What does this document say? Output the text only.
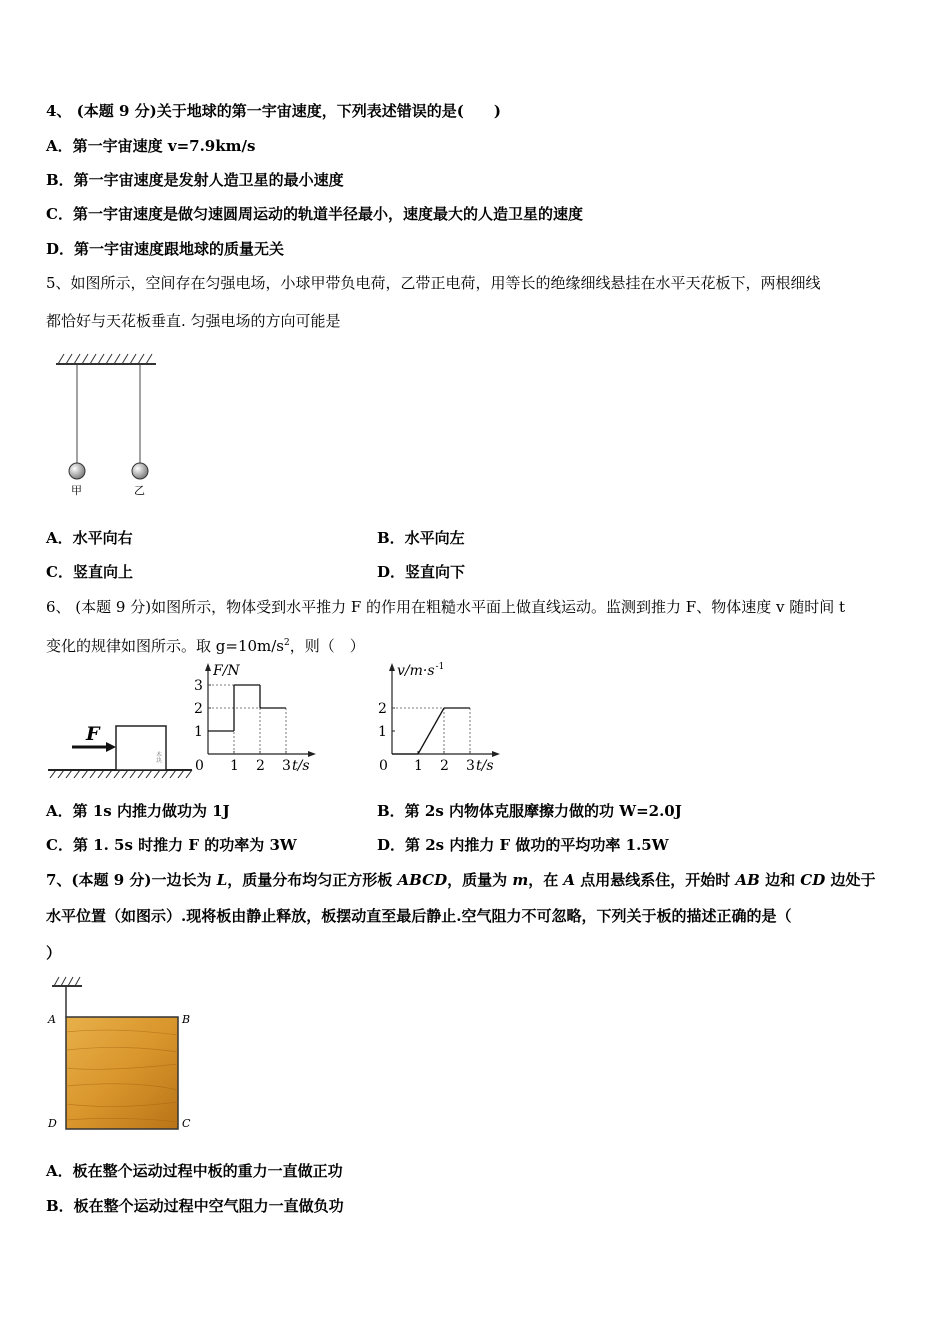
4、 (本题 9 分)关于地球的第一宇宙速度，下列表述错误的是(　　)
A．第一宇宙速度 v=7.9km/s
B．第一宇宙速度是发射人造卫星的最小速度
C．第一宇宙速度是做匀速圆周运动的轨道半径最小，速度最大的人造卫星的速度
D．第一宇宙速度跟地球的质量无关
5、如图所示，空间存在匀强电场，小球甲带负电荷，乙带正电荷，用等长的绝缘细线悬挂在水平天花板下，两根细线
都恰好与天花板垂直. 匀强电场的方向可能是
甲	乙
A．水平向右	B．水平向左
C．竖直向上	D．竖直向下
6、 (本题 9 分)如图所示，物体受到水平推力 F 的作用在粗糙水平面上做直线运动。监测到推力 F、物体速度 v 随时间 t
变化的规律如图所示。取 $g=10m/s^2$，则（　）
木块
F
0 1 2 3
1
2
3
t/s
F/N
0 1 2 3
1
2
t/s
v/m·s -1
A．第 1s 内推力做功为 1J	B．第 2s 内物体克服摩擦力做的功 W=2.0J
C．第 1. 5s 时推力 F 的功率为 3W	D．第 2s 内推力 F 做功的平均功率 1.5W
7、(本题 9 分)一边长为 L，质量分布均匀正方形板 ABCD，质量为 m，在 A 点用悬线系住，开始时 AB 边和 CD 边处于
水平位置（如图示）.现将板由静止释放，板摆动直至最后静止.空气阻力不可忽略，下列关于板的描述正确的是（
）
A	B
D	C
A．板在整个运动过程中板的重力一直做正功
B．板在整个运动过程中空气阻力一直做负功
